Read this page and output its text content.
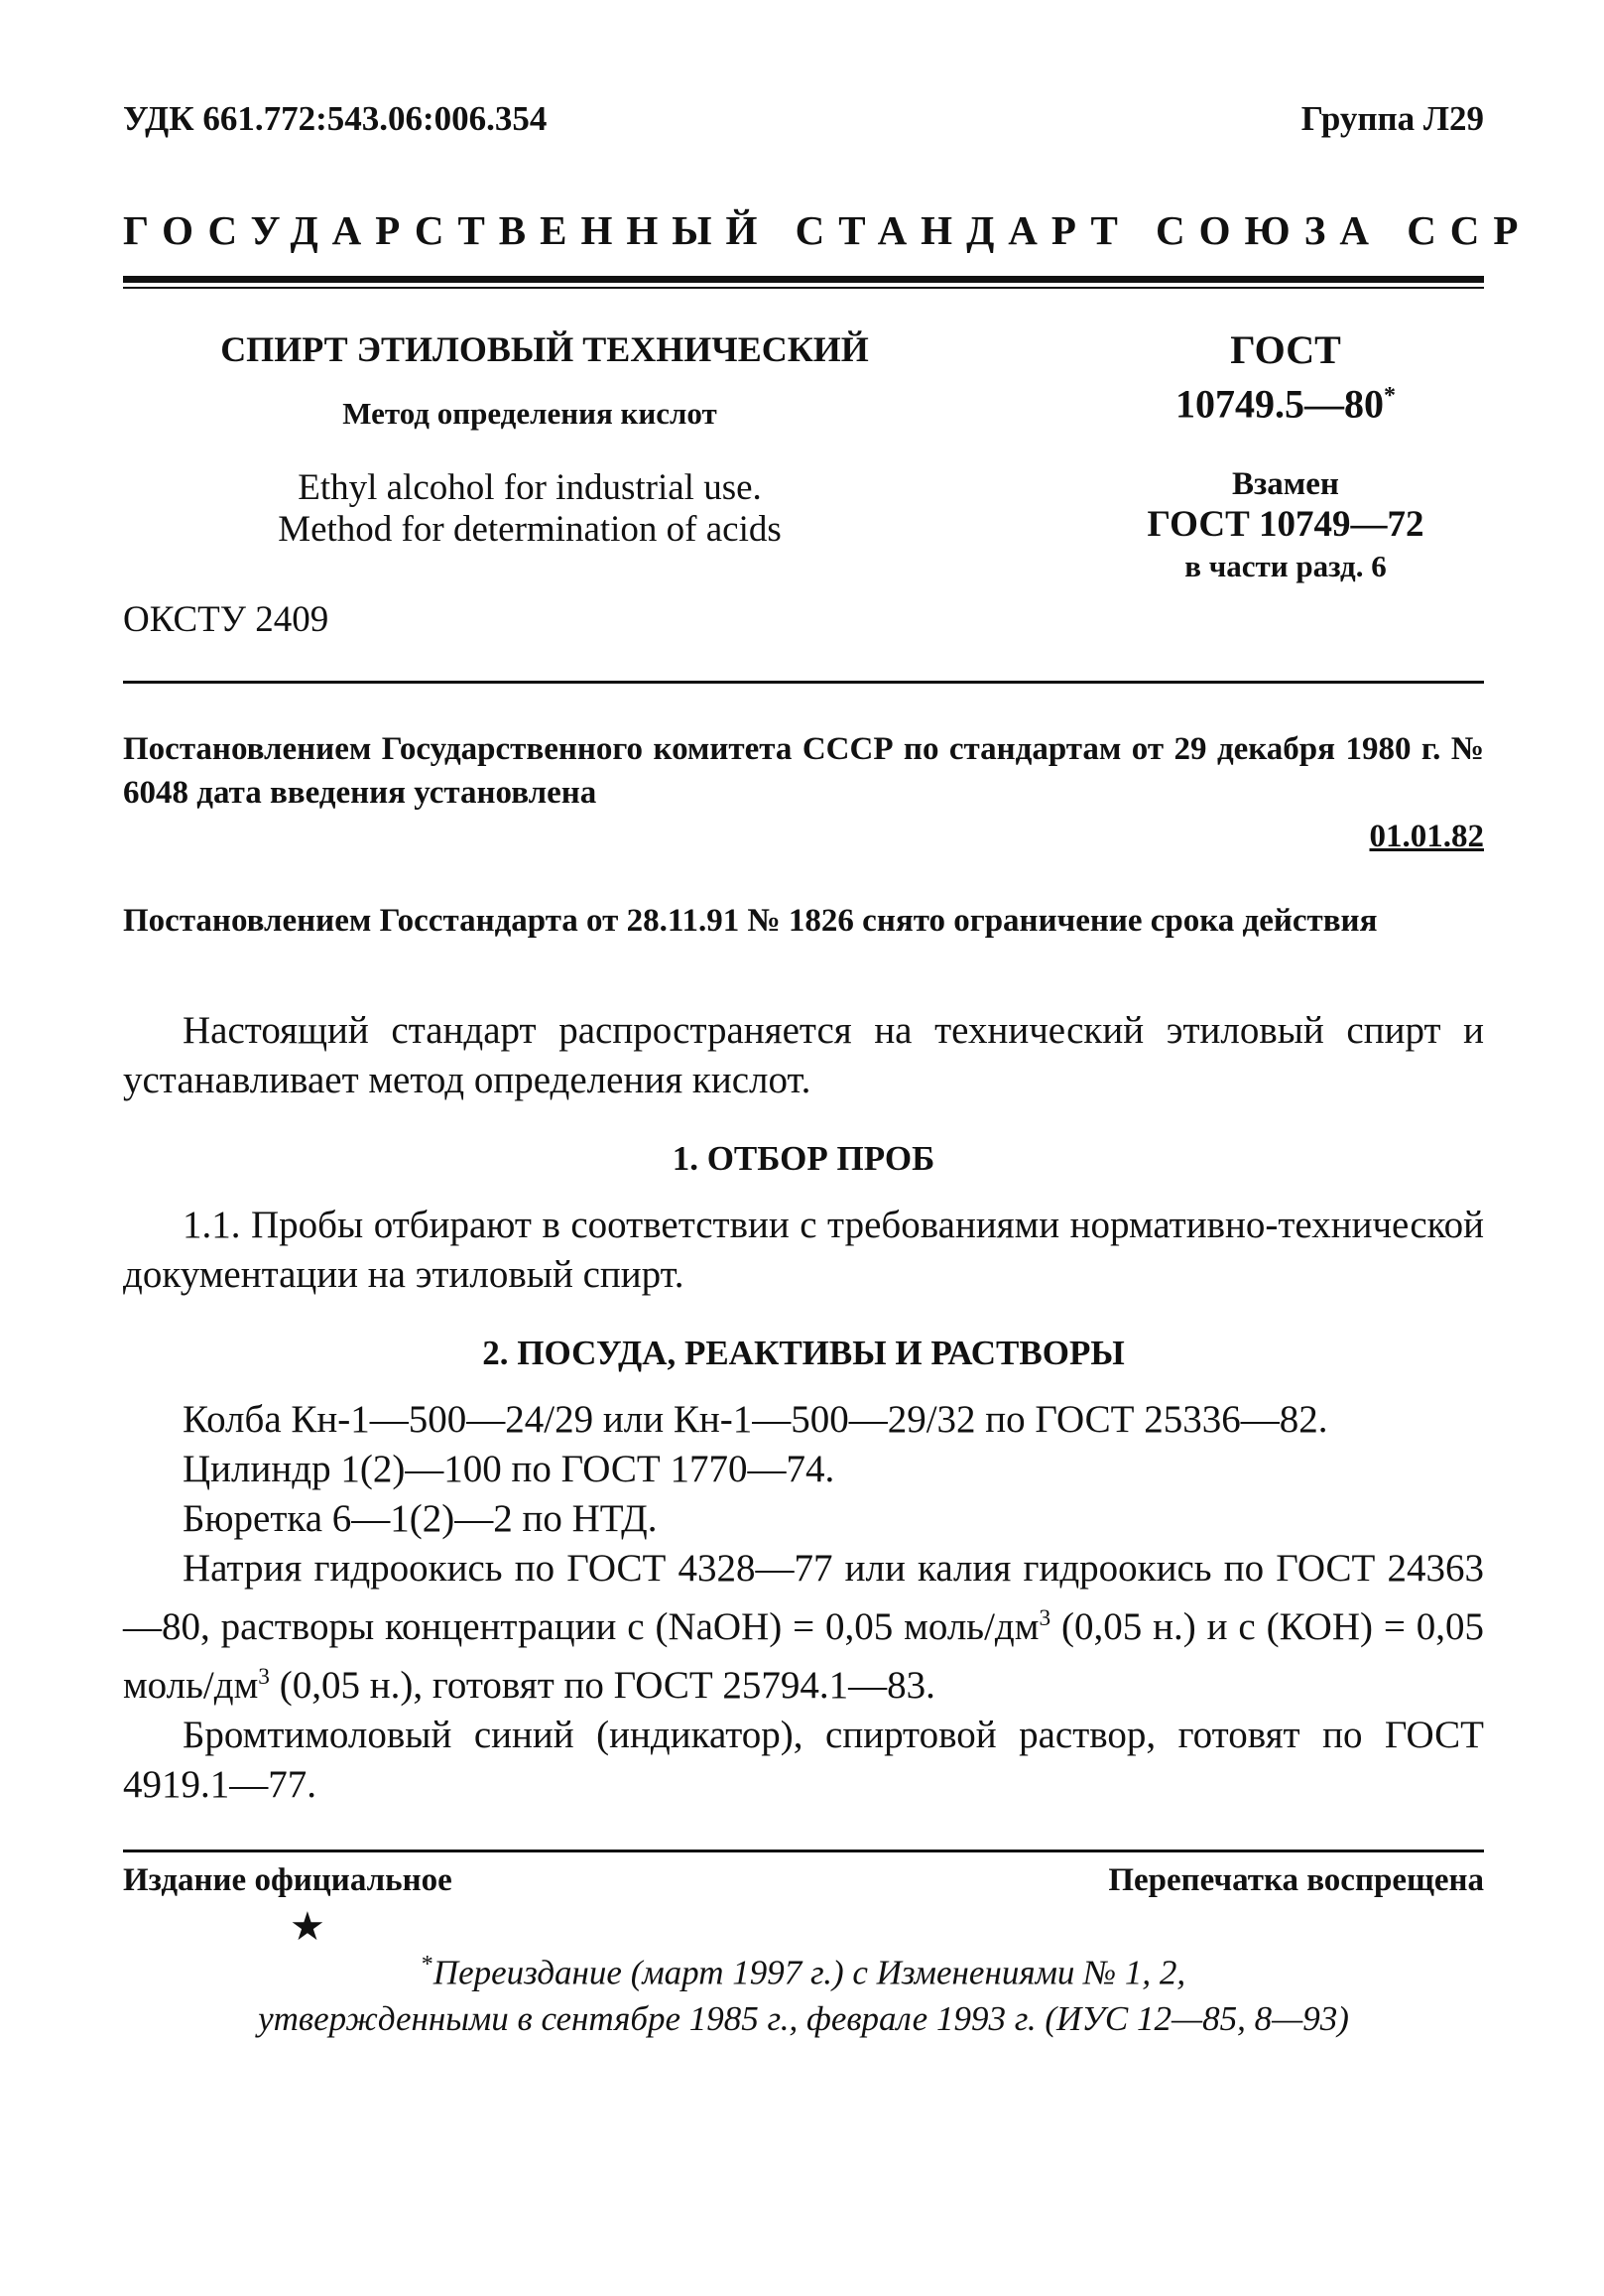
УДК 661.772:543.06:006.354	Группа Л29
ГОСУДАРСТВЕННЫЙ СТАНДАРТ СОЮЗА ССР
СПИРТ ЭТИЛОВЫЙ ТЕХНИЧЕСКИЙ
Метод определения кислот
Ethyl alcohol for industrial use.
Method for determination of acids
ОКСТУ 2409
ГОСТ
10749.5—80*
Взамен
ГОСТ 10749—72
в части разд. 6
Постановлением Государственного комитета СССР по стандартам от 29 декабря 1980 г. № 6048 дата введения установлена
01.01.82
Постановлением Госстандарта от 28.11.91 № 1826 снято ограничение срока действия

Настоящий стандарт распространяется на технический этиловый спирт и устанавливает метод определения кислот.

1. ОТБОР ПРОБ

1.1. Пробы отбирают в соответствии с требованиями нормативно-технической документации на этиловый спирт.

2. ПОСУДА, РЕАКТИВЫ И РАСТВОРЫ

Колба Кн-1—500—24/29 или Кн-1—500—29/32 по ГОСТ 25336—82.

Цилиндр 1(2)—100 по ГОСТ 1770—74.

Бюретка 6—1(2)—2 по НТД.

Натрия гидроокись по ГОСТ 4328—77 или калия гидроокись по ГОСТ 24363—80, растворы концентрации с (NaOH) = 0,05 моль/$дм^3$ (0,05 н.) и с (КОН) = 0,05 моль/$дм^3$ (0,05 н.), готовят по ГОСТ 25794.1—83.

Бромтимоловый синий (индикатор), спиртовой раствор, готовят по ГОСТ 4919.1—77.

Издание официальное	Перепечатка воспрещена
★
*Переиздание (март 1997 г.) с Изменениями № 1, 2,
утвержденными в сентябре 1985 г., феврале 1993 г. (ИУС 12—85, 8—93)
